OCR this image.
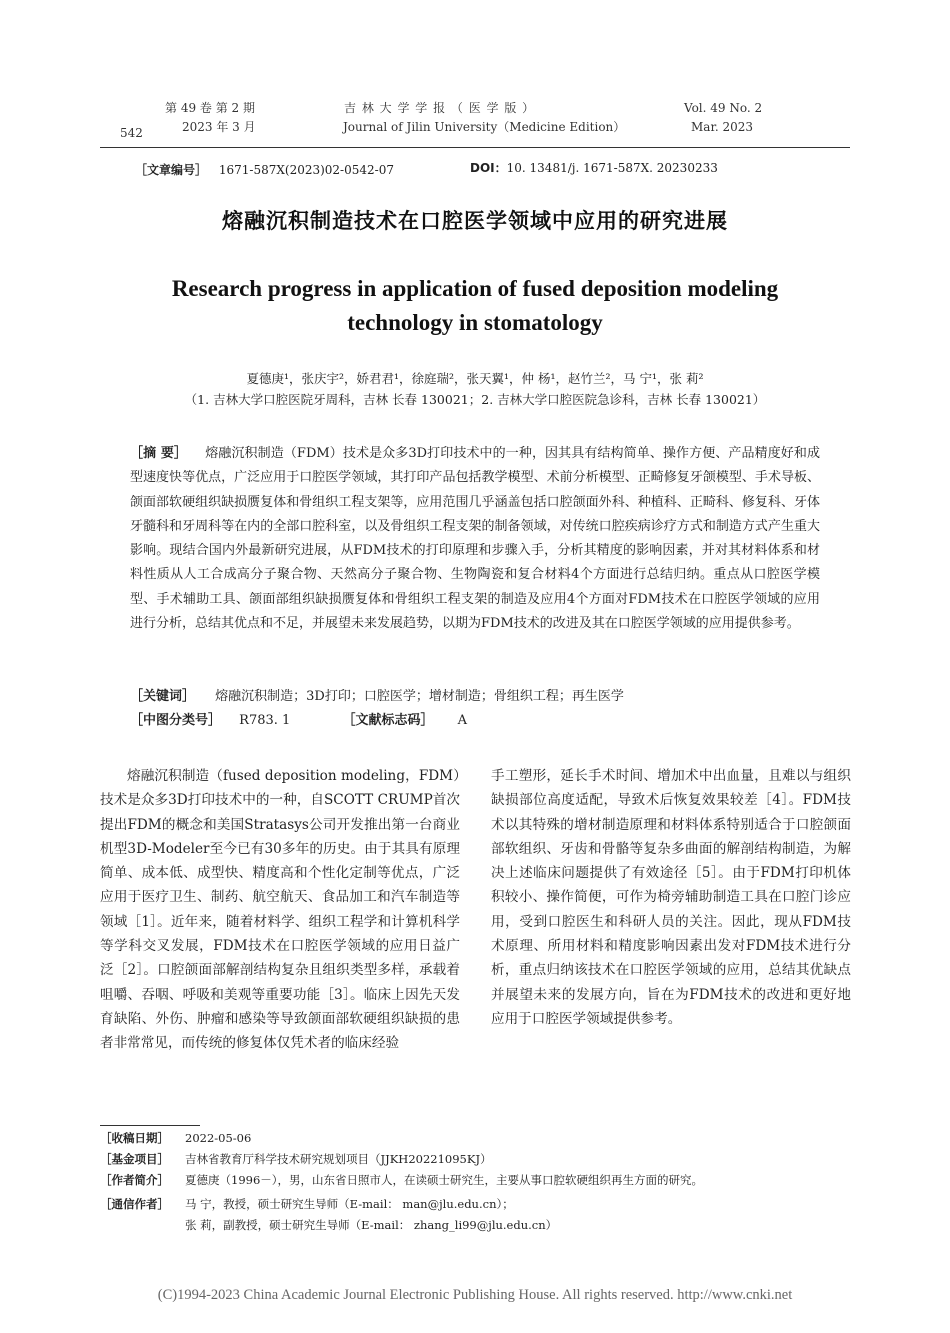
542
第 49 卷 第 2 期
2023 年 3 月
吉 林 大 学 学 报 （ 医 学 版 ）
Journal of Jilin University（Medicine Edition）
Vol. 49 No. 2
Mar. 2023
［文章编号］ 1671-587X(2023)02-0542-07	DOI：10. 13481/j. 1671-587X. 20230233
熔融沉积制造技术在口腔医学领域中应用的研究进展
Research progress in application of fused deposition modeling
technology in stomatology
夏德庚¹，张庆宇²，娇君君¹，徐庭瑞²，张天翼¹，仲 杨¹，赵竹兰²，马 宁¹，张 莉²
（1. 吉林大学口腔医院牙周科，吉林 长春 130021；2. 吉林大学口腔医院急诊科，吉林 长春 130021）
［摘 要］ 熔融沉积制造（FDM）技术是众多3D打印技术中的一种，因其具有结构简单、操作方便、产品精度好和成型速度快等优点，广泛应用于口腔医学领域，其打印产品包括教学模型、术前分析模型、正畸修复牙颌模型、手术导板、颌面部软硬组织缺损赝复体和骨组织工程支架等，应用范围几乎涵盖包括口腔颌面外科、种植科、正畸科、修复科、牙体牙髓科和牙周科等在内的全部口腔科室，以及骨组织工程支架的制备领域，对传统口腔疾病诊疗方式和制造方式产生重大影响。现结合国内外最新研究进展，从FDM技术的打印原理和步骤入手，分析其精度的影响因素，并对其材料体系和材料性质从人工合成高分子聚合物、天然高分子聚合物、生物陶瓷和复合材料4个方面进行总结归纳。重点从口腔医学模型、手术辅助工具、颌面部组织缺损赝复体和骨组织工程支架的制造及应用4个方面对FDM技术在口腔医学领域的应用进行分析，总结其优点和不足，并展望未来发展趋势，以期为FDM技术的改进及其在口腔医学领域的应用提供参考。
［关键词］ 熔融沉积制造；3D打印；口腔医学；增材制造；骨组织工程；再生医学
［中图分类号］ R783. 1	［文献标志码］ A
熔融沉积制造（fused deposition modeling，FDM）技术是众多3D打印技术中的一种，自SCOTT CRUMP首次提出FDM的概念和美国Stratasys公司开发推出第一台商业机型3D-Modeler至今已有30多年的历史。由于其具有原理简单、成本低、成型快、精度高和个性化定制等优点，广泛应用于医疗卫生、制药、航空航天、食品加工和汽车制造等领域［1］。近年来，随着材料学、组织工程学和计算机科学等学科交叉发展，FDM技术在口腔医学领域的应用日益广泛［2］。口腔颌面部解剖结构复杂且组织类型多样，承载着咀嚼、吞咽、呼吸和美观等重要功能［3］。临床上因先天发育缺陷、外伤、肿瘤和感染等导致颌面部软硬组织缺损的患者非常常见，而传统的修复体仅凭术者的临床经验
手工塑形，延长手术时间、增加术中出血量，且难以与组织缺损部位高度适配，导致术后恢复效果较差［4］。FDM技术以其特殊的增材制造原理和材料体系特别适合于口腔颌面部软组织、牙齿和骨骼等复杂多曲面的解剖结构制造，为解决上述临床问题提供了有效途径［5］。由于FDM打印机体积较小、操作简便，可作为椅旁辅助制造工具在口腔门诊应用，受到口腔医生和科研人员的关注。因此，现从FDM技术原理、所用材料和精度影响因素出发对FDM技术进行分析，重点归纳该技术在口腔医学领域的应用，总结其优缺点并展望未来的发展方向，旨在为FDM技术的改进和更好地应用于口腔医学领域提供参考。
［收稿日期］ 2022-05-06
［基金项目］ 吉林省教育厅科学技术研究规划项目（JJKH20221095KJ）
［作者简介］ 夏德庚（1996－），男，山东省日照市人，在读硕士研究生，主要从事口腔软硬组织再生方面的研究。
［通信作者］ 马 宁，教授，硕士研究生导师（E-mail： man@jlu.edu.cn）；
张 莉，副教授，硕士研究生导师（E-mail： zhang_li99@jlu.edu.cn）
(C)1994-2023 China Academic Journal Electronic Publishing House. All rights reserved. http://www.cnki.net
